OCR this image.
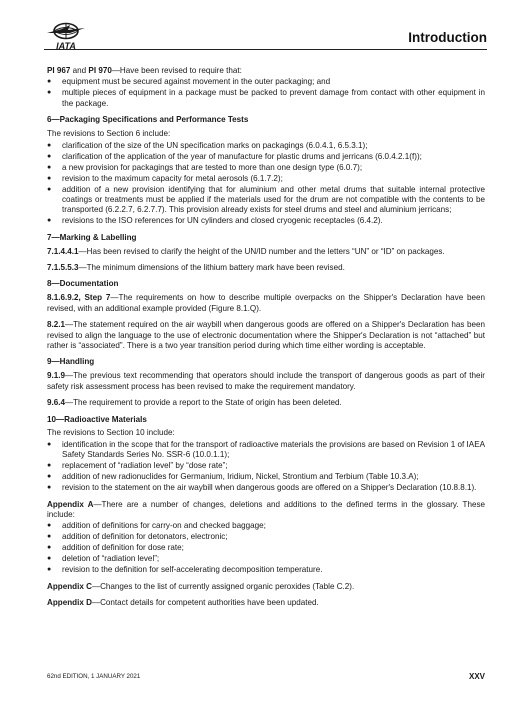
IATA
Introduction

PI 967 and PI 970—Have been revised to require that:

● equipment must be secured against movement in the outer packaging; and
● multiple pieces of equipment in a package must be packed to prevent damage from contact with other equipment in the package.
6—Packaging Specifications and Performance Tests

The revisions to Section 6 include:

● clarification of the size of the UN specification marks on packagings (6.0.4.1, 6.5.3.1);
● clarification of the application of the year of manufacture for plastic drums and jerricans (6.0.4.2.1(f));
● a new provision for packagings that are tested to more than one design type (6.0.7);
● revision to the maximum capacity for metal aerosols (6.1.7.2);
● addition of a new provision identifying that for aluminium and other metal drums that suitable internal protective coatings or treatments must be applied if the materials used for the drum are not compatible with the contents to be transported (6.2.2.7, 6.2.7.7). This provision already exists for steel drums and steel and aluminium jerricans;
● revisions to the ISO references for UN cylinders and closed cryogenic receptacles (6.4.2).
7—Marking & Labelling

7.1.4.4.1—Has been revised to clarify the height of the UN/ID number and the letters “UN” or “ID” on packages.

7.1.5.5.3—The minimum dimensions of the lithium battery mark have been revised.

8—Documentation

8.1.6.9.2, Step 7—The requirements on how to describe multiple overpacks on the Shipper's Declaration have been revised, with an additional example provided (Figure 8.1.Q).

8.2.1—The statement required on the air waybill when dangerous goods are offered on a Shipper's Declaration has been revised to align the language to the use of electronic documentation where the Shipper's Declaration is not “attached” but rather is “associated”. There is a two year transition period during which time either wording is acceptable.

9—Handling

9.1.9—The previous text recommending that operators should include the transport of dangerous goods as part of their safety risk assessment process has been revised to make the requirement mandatory.

9.6.4—The requirement to provide a report to the State of origin has been deleted.

10—Radioactive Materials

The revisions to Section 10 include:

● identification in the scope that for the transport of radioactive materials the provisions are based on Revision 1 of IAEA Safety Standards Series No. SSR-6 (10.0.1.1);
● replacement of “radiation level” by “dose rate”;
● addition of new radionuclides for Germanium, Iridium, Nickel, Strontium and Terbium (Table 10.3.A);
● revision to the statement on the air waybill when dangerous goods are offered on a Shipper's Declaration (10.8.8.1).

Appendix A—There are a number of changes, deletions and additions to the defined terms in the glossary. These include:

● addition of definitions for carry-on and checked baggage;
● addition of definition for detonators, electronic;
● addition of definition for dose rate;
● deletion of “radiation level”;
● revision to the definition for self-accelerating decomposition temperature.

Appendix C—Changes to the list of currently assigned organic peroxides (Table C.2).

Appendix D—Contact details for competent authorities have been updated.

62nd EDITION, 1 JANUARY 2021	XXV
